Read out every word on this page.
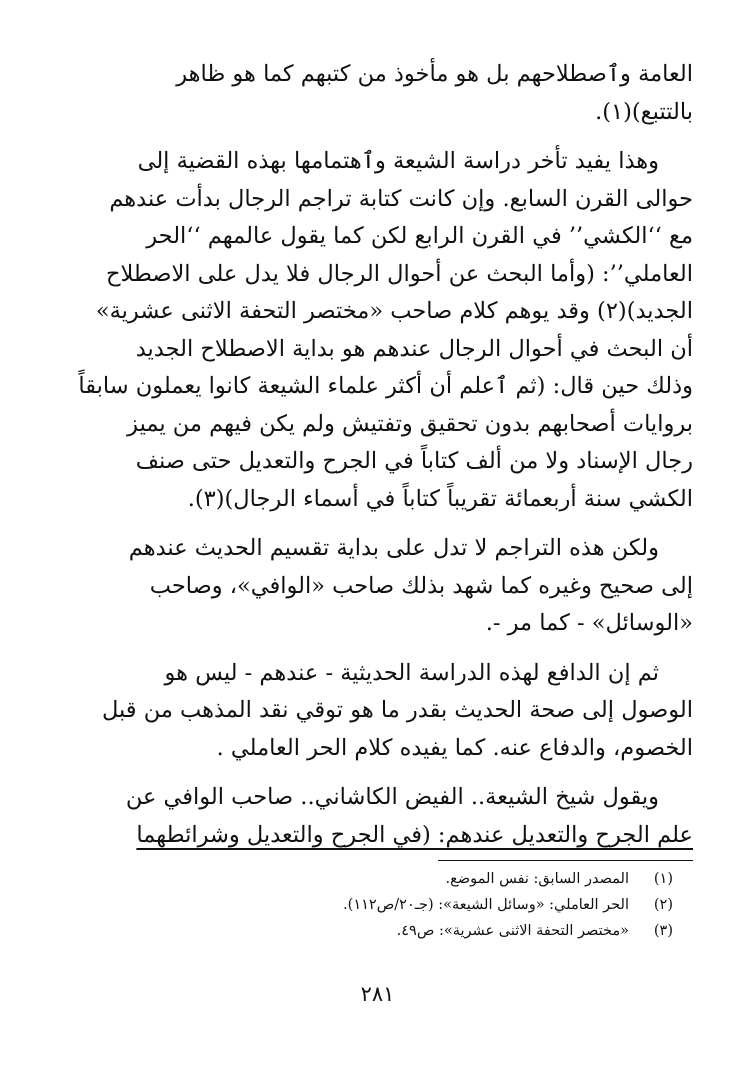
العامة وٱصطلاحهم بل هو مأخوذ من كتبهم كما هو ظاهر
بالتتبع)(١).

وهذا يفيد تأخر دراسة الشيعة وٱهتمامها بهذه القضية إلى
حوالى القرن السابع. وإن كانت كتابة تراجم الرجال بدأت عندهم
مع ‘‘الكشي’’ في القرن الرابع لكن كما يقول عالمهم ‘‘الحر
العاملي’’: (وأما البحث عن أحوال الرجال فلا يدل على الاصطلاح
الجديد)(٢) وقد يوهم كلام صاحب «مختصر التحفة الاثنى عشرية»
أن البحث في أحوال الرجال عندهم هو بداية الاصطلاح الجديد
وذلك حين قال: (ثم ٱعلم أن أكثر علماء الشيعة كانوا يعملون سابقاً
بروايات أصحابهم بدون تحقيق وتفتيش ولم يكن فيهم من يميز
رجال الإسناد ولا من ألف كتاباً في الجرح والتعديل حتى صنف
الكشي سنة أربعمائة تقريباً كتاباً في أسماء الرجال)(٣).

ولكن هذه التراجم لا تدل على بداية تقسيم الحديث عندهم
إلى صحيح وغيره كما شهد بذلك صاحب «الوافي»، وصاحب
«الوسائل» - كما مر -.

ثم إن الدافع لهذه الدراسة الحديثية - عندهم - ليس هو
الوصول إلى صحة الحديث بقدر ما هو توقي نقد المذهب من قبل
الخصوم، والدفاع عنه. كما يفيده كلام الحر العاملي .

ويقول شيخ الشيعة.. الفيض الكاشاني.. صاحب الوافي عن
علم الجرح والتعديل عندهم: (في الجرح والتعديل وشرائطهما

(١)
المصدر السابق: نفس الموضع.
(٢)
الحر العاملي: «وسائل الشيعة»: (جـ٢٠/ص١١٢).
(٣)
«مختصر التحفة الاثنى عشرية»: ص٤٩.
٢٨١
